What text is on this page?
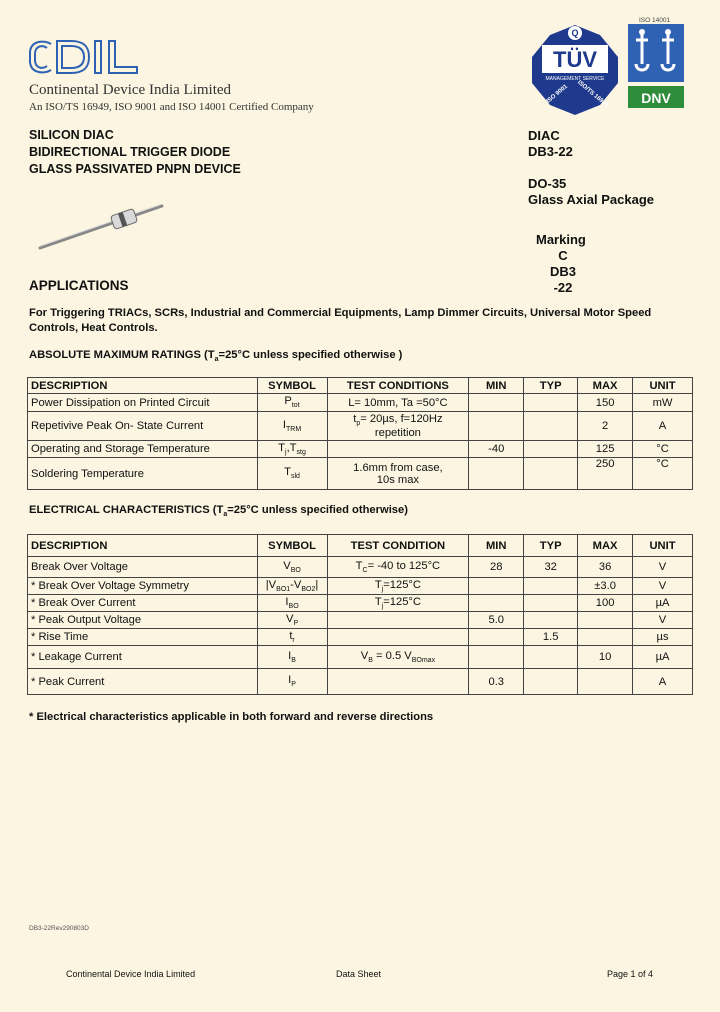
Continental Device India Limited
An ISO/TS 16949, ISO 9001 and ISO 14001 Certified Company
Q
TÜV
MANAGEMENT SERVICE
ISO 9001 ISO/TS 16949
ISO 14001
DNV
SILICON DIAC
BIDIRECTIONAL TRIGGER DIODE
GLASS PASSIVATED PNPN DEVICE
DIAC
DB3-22
DO-35
Glass Axial Package
Marking
C
DB3
-22
APPLICATIONS
For Triggering TRIACs, SCRs, Industrial and Commercial Equipments, Lamp Dimmer Circuits, Universal Motor Speed Controls, Heat Controls.
ABSOLUTE MAXIMUM RATINGS ($T_a=25^\circ C$ unless specified otherwise )
DESCRIPTION	SYMBOL	TEST CONDITIONS	MIN	TYP	MAX	UNIT
Power Dissipation on Printed Circuit	$P_{tot}$	L= 10mm, Ta =50°C			150	mW
Repetivive Peak On- State Current	$I_{TRM}$	$t_p= 20\mu s$, f=120Hz
repetition			2	A
Operating and Storage Temperature	$T_j,T_{stg}$		-40		125	°C
Soldering Temperature	$T_{sld}$	1.6mm from case,
10s max			250	°C
ELECTRICAL CHARACTERISTICS ($T_a=25^\circ C$ unless specified otherwise)
DESCRIPTION	SYMBOL	TEST CONDITION	MIN	TYP	MAX	UNIT
Break Over Voltage	$V_{BO}$	$T_C= -40$ to 125°C	28	32	36	V
* Break Over Voltage Symmetry	$|V_{BO1}-V_{BO2}|$	$T_j=125^\circ C$			±3.0	V
* Break Over Current	$I_{BO}$	$T_j=125^\circ C$			100	µA
* Peak Output Voltage	$V_P$		5.0			V
* Rise Time	$t_r$			1.5		µs
* Leakage Current	$I_B$	$V_B = 0.5$ $V_{BOmax}$			10	µA
* Peak Current	$I_P$		0.3			A
* Electrical characteristics applicable in both forward and reverse directions
DB3-22Rev290803D
Continental Device India Limited	Data Sheet	Page 1 of 4
